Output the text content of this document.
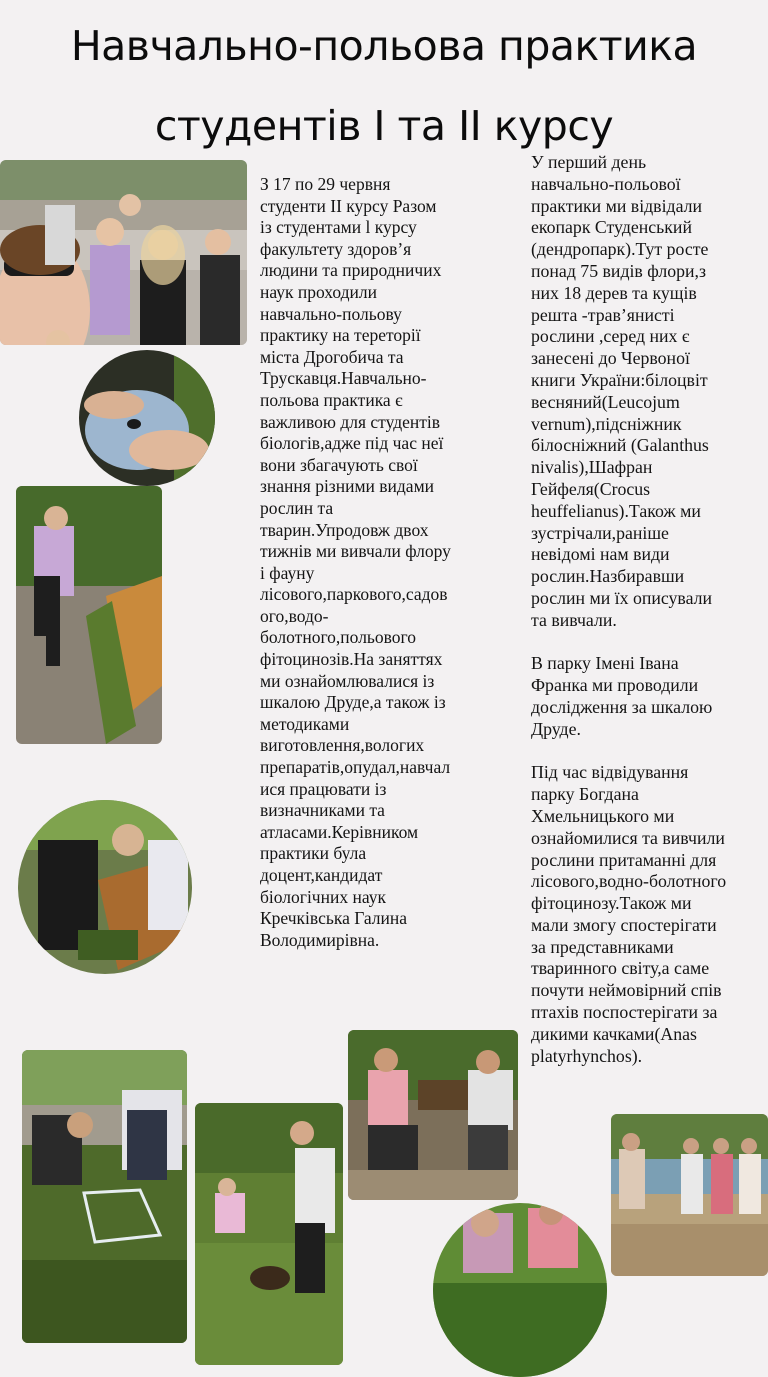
Навчально-польова практика
студентів І та ІІ курсу
З 17 по 29 червня
студенти ІІ курсу Разом
із студентами l курсу
факультету здоров’я
людини та природничих
наук проходили
навчально-польову
практику на тереторії
міста Дрогобича та
Трускавця.Навчально-
польова практика є
важливою для студентів
біологів,адже під час неї
вони збагачують свої
знання різними видами
рослин та
тварин.Упродовж двох
тижнів ми вивчали флору
і фауну
лісового,паркового,садов
ого,водо-
болотного,польового
фітоцинозів.На заняттях
ми ознайомлювалися із
шкалою Друде,а також із
методиками
виготовлення,вологих
препаратів,опудал,навчал
ися працювати із
визначниками та
атласами.Керівником
практики була
доцент,кандидат
біологічних наук
Кречківська Галина
Володимирівна.
У перший день
навчально-польової
практики ми відвідали
екопарк Студенський
(дендропарк).Тут росте
понад 75 видів флори,з
них 18 дерев та кущів
решта -трав’янисті
рослини ,серед них є
занесені до Червоної
книги України:білоцвіт
весняний(Leucojum
vernum),підсніжник
білосніжний (Galanthus
nivalis),Шафран
Гейфеля(Crocus
heuffelianus).Також ми
зустрічали,раніше
невідомі нам види
рослин.Назбиравши
рослин ми їх описували
та вивчали.

В парку Імені Івана
Франка ми проводили
дослідження за шкалою
Друде.

Під час відвідування
парку Богдана
Хмельницького ми
ознайомилися та вивчили
рослини притаманні для
лісового,водно-болотного
фітоцинозу.Також ми
мали змогу спостерігати
за представниками
тваринного світу,а саме
почути неймовірний спів
птахів поспостерігати за
дикими качками(Anas
platyrhynchos).
